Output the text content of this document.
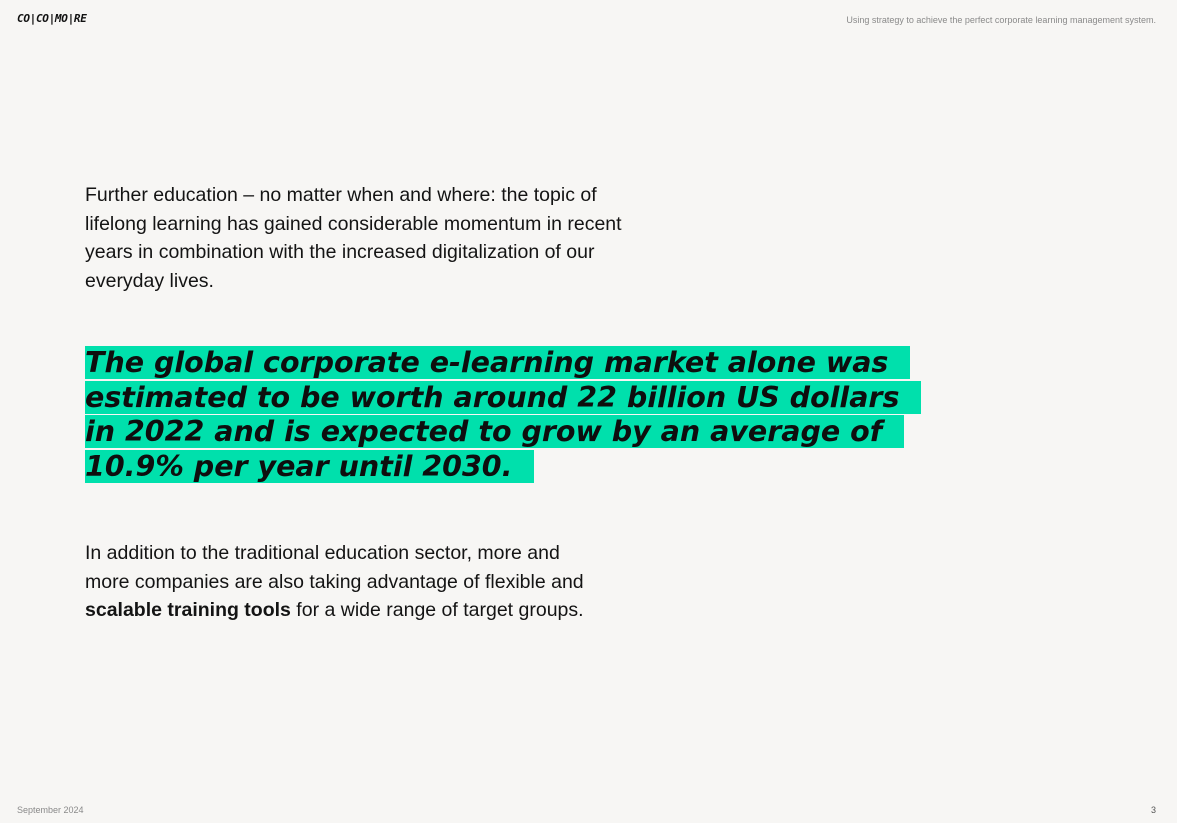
CO|CO|MO|RE	Using strategy to achieve the perfect corporate learning management system.

Further education – no matter when and where: the topic of lifelong learning has gained considerable momentum in recent years in combination with the increased digitalization of our everyday lives.

The global corporate e-learning market alone was estimated to be worth around 22 billion US dollars in 2022 and is expected to grow by an average of 10.9% per year until 2030.

In addition to the traditional education sector, more and more companies are also taking advantage of flexible and scalable training tools for a wide range of target groups.

September 2024	3
